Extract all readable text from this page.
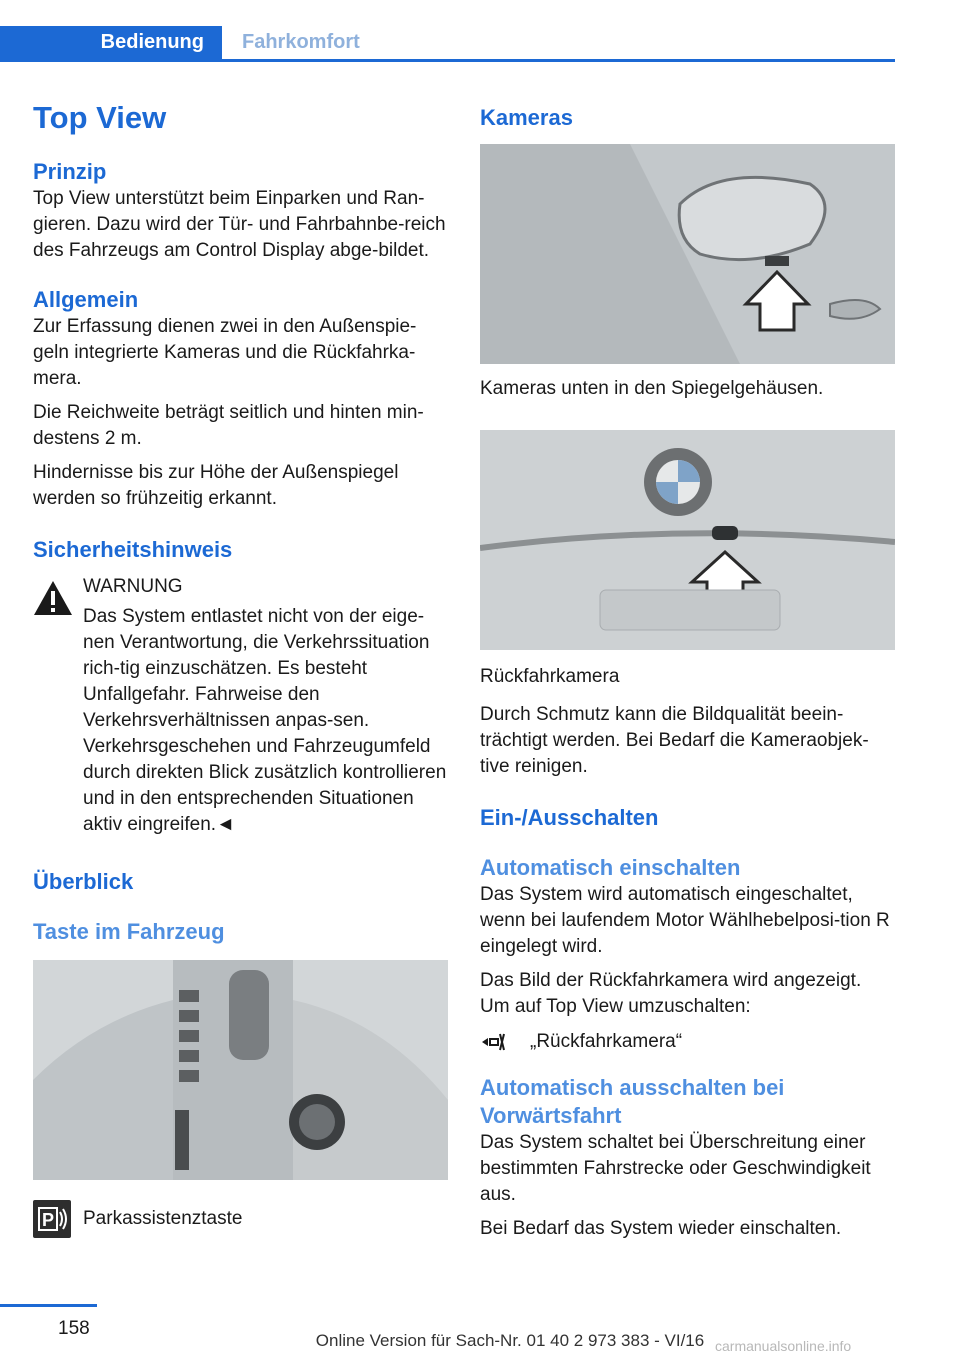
Bedienung	Fahrkomfort
Top View
Prinzip

Top View unterstützt beim Einparken und Ran-gieren. Dazu wird der Tür- und Fahrbahnbe-reich des Fahrzeugs am Control Display abge-bildet.

Allgemein

Zur Erfassung dienen zwei in den Außenspie-geln integrierte Kameras und die Rückfahrka-mera.

Die Reichweite beträgt seitlich und hinten min-destens 2 m.

Hindernisse bis zur Höhe der Außenspiegel werden so frühzeitig erkannt.

Sicherheitshinweis

WARNUNG

Das System entlastet nicht von der eige-nen Verantwortung, die Verkehrssituation rich-tig einzuschätzen. Es besteht Unfallgefahr. Fahrweise den Verkehrsverhältnissen anpas-sen. Verkehrsgeschehen und Fahrzeugumfeld durch direkten Blick zusätzlich kontrollieren und in den entsprechenden Situationen aktiv eingreifen.◄

Überblick
Taste im Fahrzeug
P Parkassistenztaste

Kameras

Kameras unten in den Spiegelgehäusen.

Rückfahrkamera

Durch Schmutz kann die Bildqualität beein-trächtigt werden. Bei Bedarf die Kameraobjek-tive reinigen.

Ein-/Ausschalten
Automatisch einschalten

Das System wird automatisch eingeschaltet, wenn bei laufendem Motor Wählhebelposi-tion R eingelegt wird.

Das Bild der Rückfahrkamera wird angezeigt. Um auf Top View umzuschalten:

„Rückfahrkamera“

Automatisch ausschalten bei Vorwärtsfahrt

Das System schaltet bei Überschreitung einer bestimmten Fahrstrecke oder Geschwindigkeit aus.

Bei Bedarf das System wieder einschalten.

158
Online Version für Sach-Nr. 01 40 2 973 383 - VI/16 carmanualsonline.info
